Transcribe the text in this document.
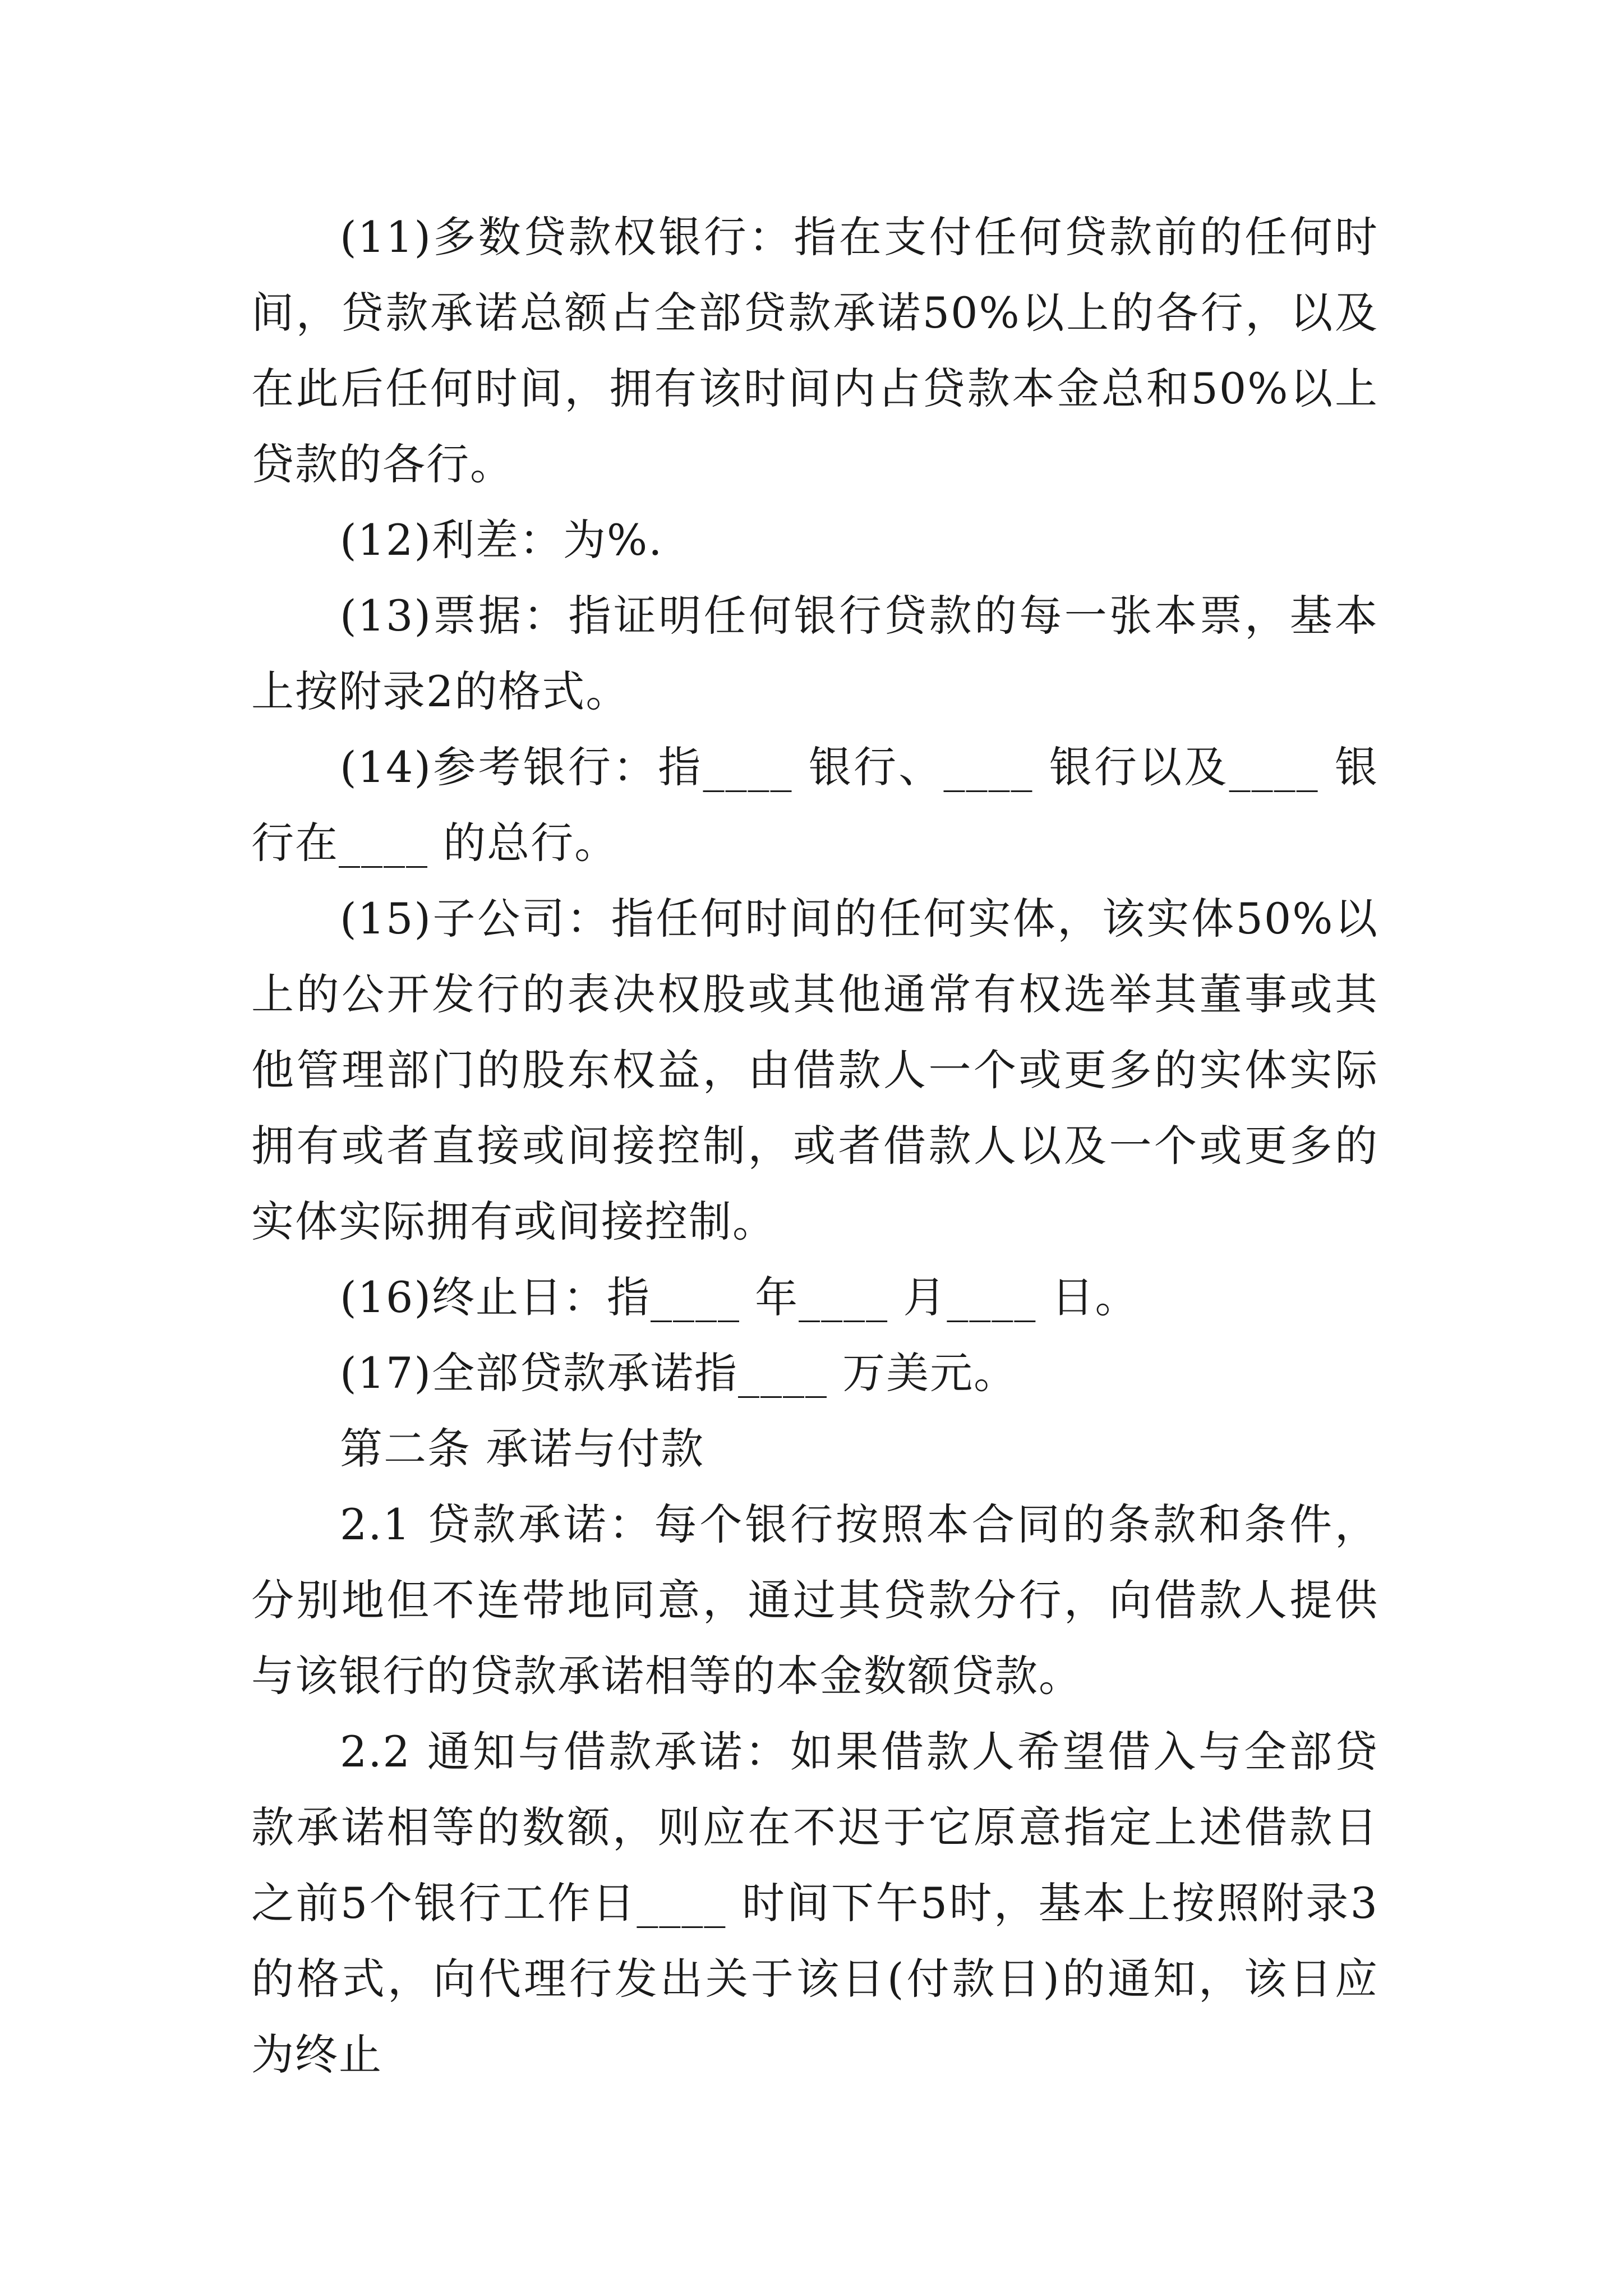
(11)多数贷款权银行：指在支付任何贷款前的任何时间，贷款承诺总额占全部贷款承诺50%以上的各行，以及在此后任何时间，拥有该时间内占贷款本金总和50%以上贷款的各行。

(12)利差：为%.

(13)票据：指证明任何银行贷款的每一张本票，基本上按附录2的格式。

(14)参考银行：指____ 银行、____ 银行以及____ 银行在____ 的总行。

(15)子公司：指任何时间的任何实体，该实体50%以上的公开发行的表决权股或其他通常有权选举其董事或其他管理部门的股东权益，由借款人一个或更多的实体实际拥有或者直接或间接控制，或者借款人以及一个或更多的实体实际拥有或间接控制。

(16)终止日：指____ 年____ 月____ 日。

(17)全部贷款承诺指____ 万美元。

第二条 承诺与付款

2.1 贷款承诺：每个银行按照本合同的条款和条件，分别地但不连带地同意，通过其贷款分行，向借款人提供与该银行的贷款承诺相等的本金数额贷款。

2.2 通知与借款承诺：如果借款人希望借入与全部贷款承诺相等的数额，则应在不迟于它原意指定上述借款日之前5个银行工作日____ 时间下午5时，基本上按照附录3的格式，向代理行发出关于该日(付款日)的通知，该日应为终止
